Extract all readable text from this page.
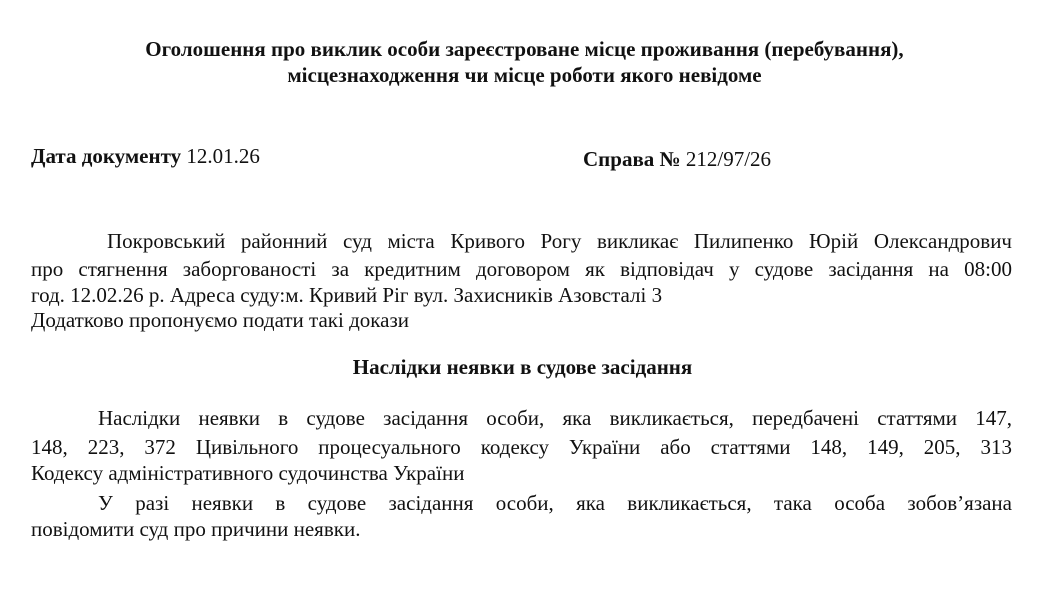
Оголошення про виклик особи зареєстроване місце проживання (перебування),
місцезнаходження чи місце роботи якого невідоме
Дата документу 12.01.26	Справа № 212/97/26
Покровський районний суд міста Кривого Рогу викликає Пилипенко Юрій Олександрович
про стягнення заборгованості за кредитним договором як відповідач у судове засідання на 08:00
год. 12.02.26 р. Адреса суду:м. Кривий Ріг вул. Захисників Азовсталі 3
Додатково пропонуємо подати такі докази
Наслідки неявки в судове засідання
Наслідки неявки в судове засідання особи, яка викликається, передбачені статтями 147,
148, 223, 372 Цивільного процесуального кодексу України або статтями 148, 149, 205, 313
Кодексу адміністративного судочинства України
У разі неявки в судове засідання особи, яка викликається, така особа зобов’язана
повідомити суд про причини неявки.
